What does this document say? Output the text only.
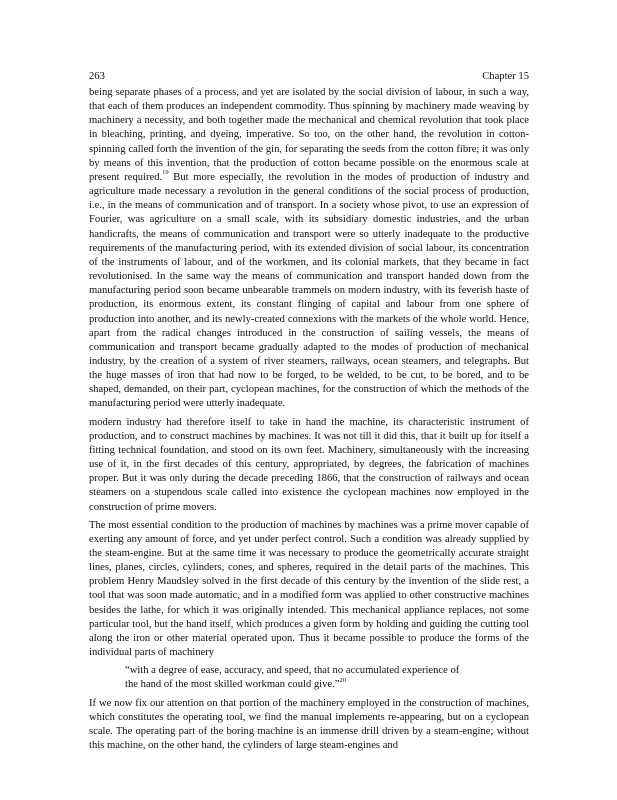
263	Chapter 15

being separate phases of a process, and yet are isolated by the social division of labour, in such a way, that each of them produces an independent commodity. Thus spinning by machinery made weaving by machinery a necessity, and both together made the mechanical and chemical revolution that took place in bleaching, printing, and dyeing, imperative. So too, on the other hand, the revolution in cotton-spinning called forth the invention of the gin, for separating the seeds from the cotton fibre; it was only by means of this invention, that the production of cotton became possible on the enormous scale at present required.$^{19}$ But more especially, the revolution in the modes of production of industry and agriculture made necessary a revolution in the general conditions of the social process of production, i.e., in the means of communication and of transport. In a society whose pivot, to use an expression of Fourier, was agriculture on a small scale, with its subsidiary domestic industries, and the urban handicrafts, the means of communication and transport were so utterly inadequate to the productive requirements of the manufacturing period, with its extended division of social labour, its concentration of the instruments of labour, and of the workmen, and its colonial markets, that they became in fact revolutionised. In the same way the means of communication and transport handed down from the manufacturing period soon became unbearable trammels on modern industry, with its feverish haste of production, its enormous extent, its constant flinging of capital and labour from one sphere of production into another, and its newly-created connexions with the markets of the whole world. Hence, apart from the radical changes introduced in the construction of sailing vessels, the means of communication and transport became gradually adapted to the modes of production of mechanical industry, by the creation of a system of river steamers, railways, ocean steamers, and telegraphs. But the huge masses of iron that had now to be forged, to be welded, to be cut, to be bored, and to be shaped, demanded, on their part, cyclopean machines, for the construction of which the methods of the manufacturing period were utterly inadequate.

modern industry had therefore itself to take in hand the machine, its characteristic instrument of production, and to construct machines by machines. It was not till it did this, that it built up for itself a fitting technical foundation, and stood on its own feet. Machinery, simultaneously with the increasing use of it, in the first decades of this century, appropriated, by degrees, the fabrication of machines proper. But it was only during the decade preceding 1866, that the construction of railways and ocean steamers on a stupendous scale called into existence the cyclopean machines now employed in the construction of prime movers.

The most essential condition to the production of machines by machines was a prime mover capable of exerting any amount of force, and yet under perfect control. Such a condition was already supplied by the steam-engine. But at the same time it was necessary to produce the geometrically accurate straight lines, planes, circles, cylinders, cones, and spheres, required in the detail parts of the machines. This problem Henry Maudsley solved in the first decade of this century by the invention of the slide rest, a tool that was soon made automatic, and in a modified form was applied to other constructive machines besides the lathe, for which it was originally intended. This mechanical appliance replaces, not some particular tool, but the hand itself, which produces a given form by holding and guiding the cutting tool along the iron or other material operated upon. Thus it became possible to produce the forms of the individual parts of machinery

“with a degree of ease, accuracy, and speed, that no accumulated experience of
the hand of the most skilled workman could give.”$^{20}$

If we now fix our attention on that portion of the machinery employed in the construction of machines, which constitutes the operating tool, we find the manual implements re-appearing, but on a cyclopean scale. The operating part of the boring machine is an immense drill driven by a steam-engine; without this machine, on the other hand, the cylinders of large steam-engines and
